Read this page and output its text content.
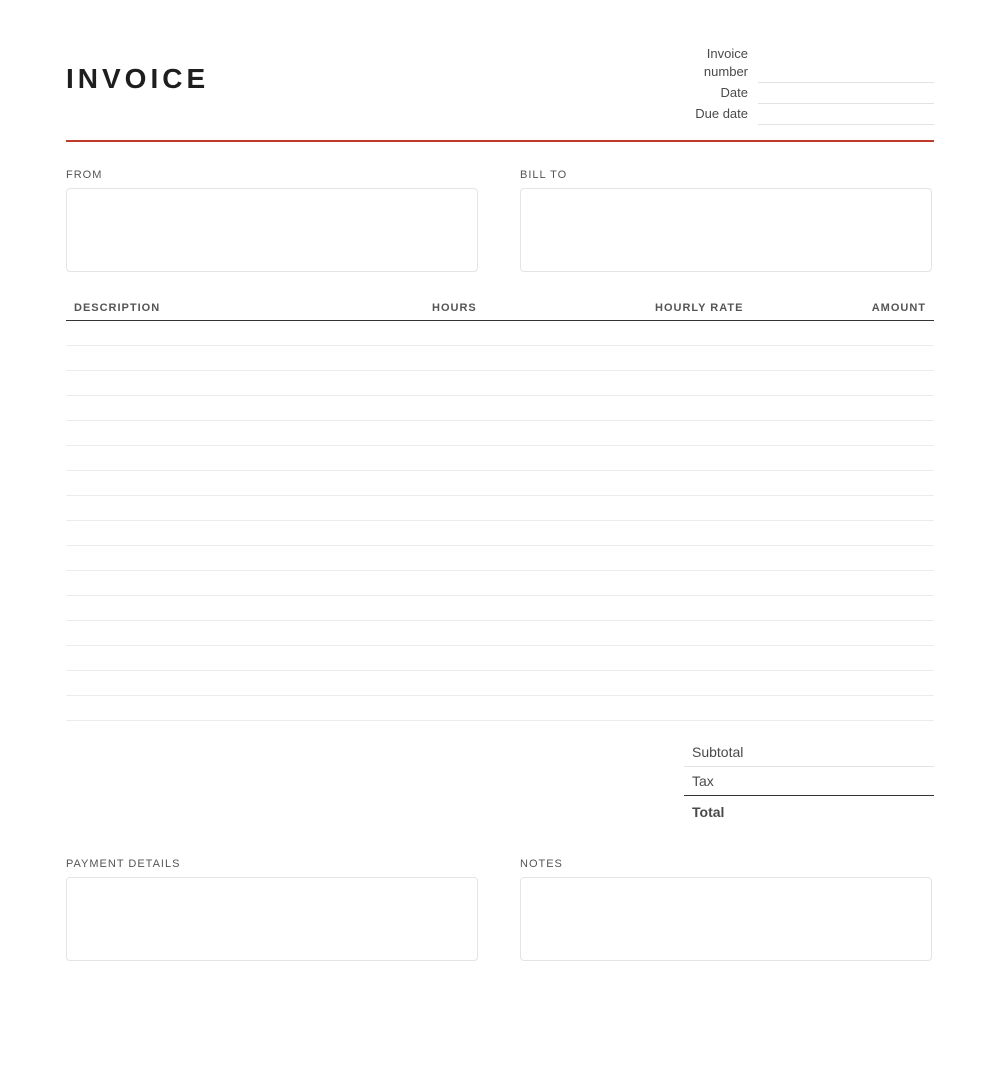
INVOICE
Invoice number
Date
Due date
FROM	BILL TO
DESCRIPTION	HOURS	HOURLY RATE	AMOUNT
Subtotal
Tax
Total
PAYMENT DETAILS	NOTES
